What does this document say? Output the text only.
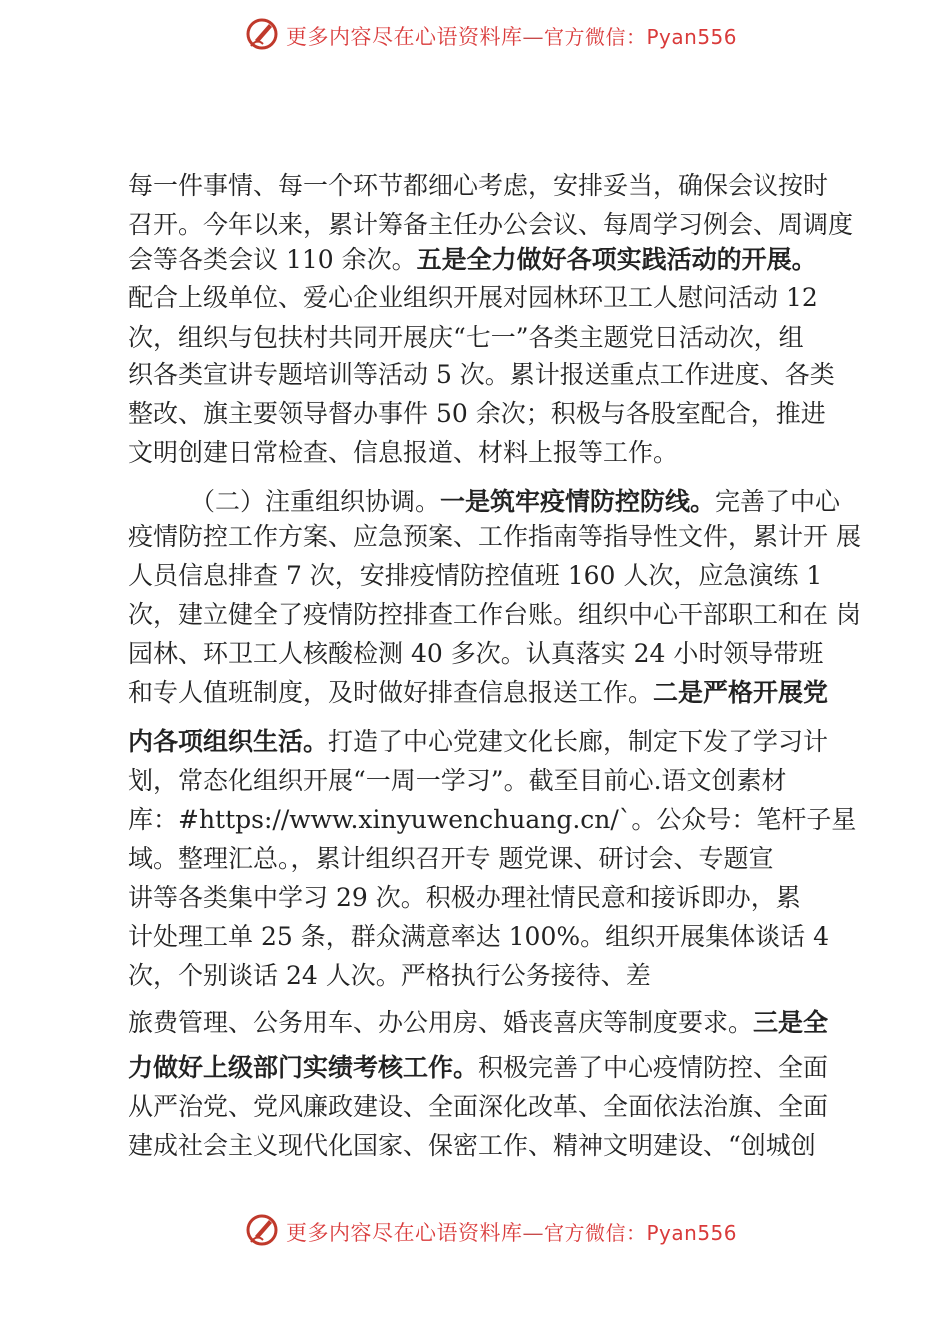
更多内容尽在心语资料库—官方微信：Pyan556
每一件事情、每一个环节都细心考虑，安排妥当，确保会议按时
召开。今年以来，累计筹备主任办公会议、每周学习例会、周调度
会等各类会议 110 余次。五是全力做好各项实践活动的开展。
配合上级单位、爱心企业组织开展对园林环卫工人慰问活动 12
次，组织与包扶村共同开展庆“七一”各类主题党日活动次，组
织各类宣讲专题培训等活动 5 次。累计报送重点工作进度、各类
整改、旗主要领导督办事件 50 余次；积极与各股室配合，推进
文明创建日常检查、信息报道、材料上报等工作。
（二）注重组织协调。一是筑牢疫情防控防线。完善了中心
疫情防控工作方案、应急预案、工作指南等指导性文件，累计开 展
人员信息排查 7 次，安排疫情防控值班 160 人次，应急演练 1
次，建立健全了疫情防控排查工作台账。组织中心干部职工和在 岗
园林、环卫工人核酸检测 40 多次。认真落实 24 小时领导带班
和专人值班制度，及时做好排查信息报送工作。二是严格开展党
内各项组织生活。打造了中心党建文化长廊，制定下发了学习计
划，常态化组织开展“一周一学习”。截至目前心.语文创素材
库：#https://www.xinyuwenchuang.cn/`。公众号：笔杆子星
域。整理汇总。，累计组织召开专 题党课、研讨会、专题宣
讲等各类集中学习 29 次。积极办理社情民意和接诉即办，累
计处理工单 25 条，群众满意率达 100%。组织开展集体谈话 4
次，个别谈话 24 人次。严格执行公务接待、差
旅费管理、公务用车、办公用房、婚丧喜庆等制度要求。三是全
力做好上级部门实绩考核工作。积极完善了中心疫情防控、全面
从严治党、党风廉政建设、全面深化改革、全面依法治旗、全面
建成社会主义现代化国家、保密工作、精神文明建设、“创城创
更多内容尽在心语资料库—官方微信：Pyan556
